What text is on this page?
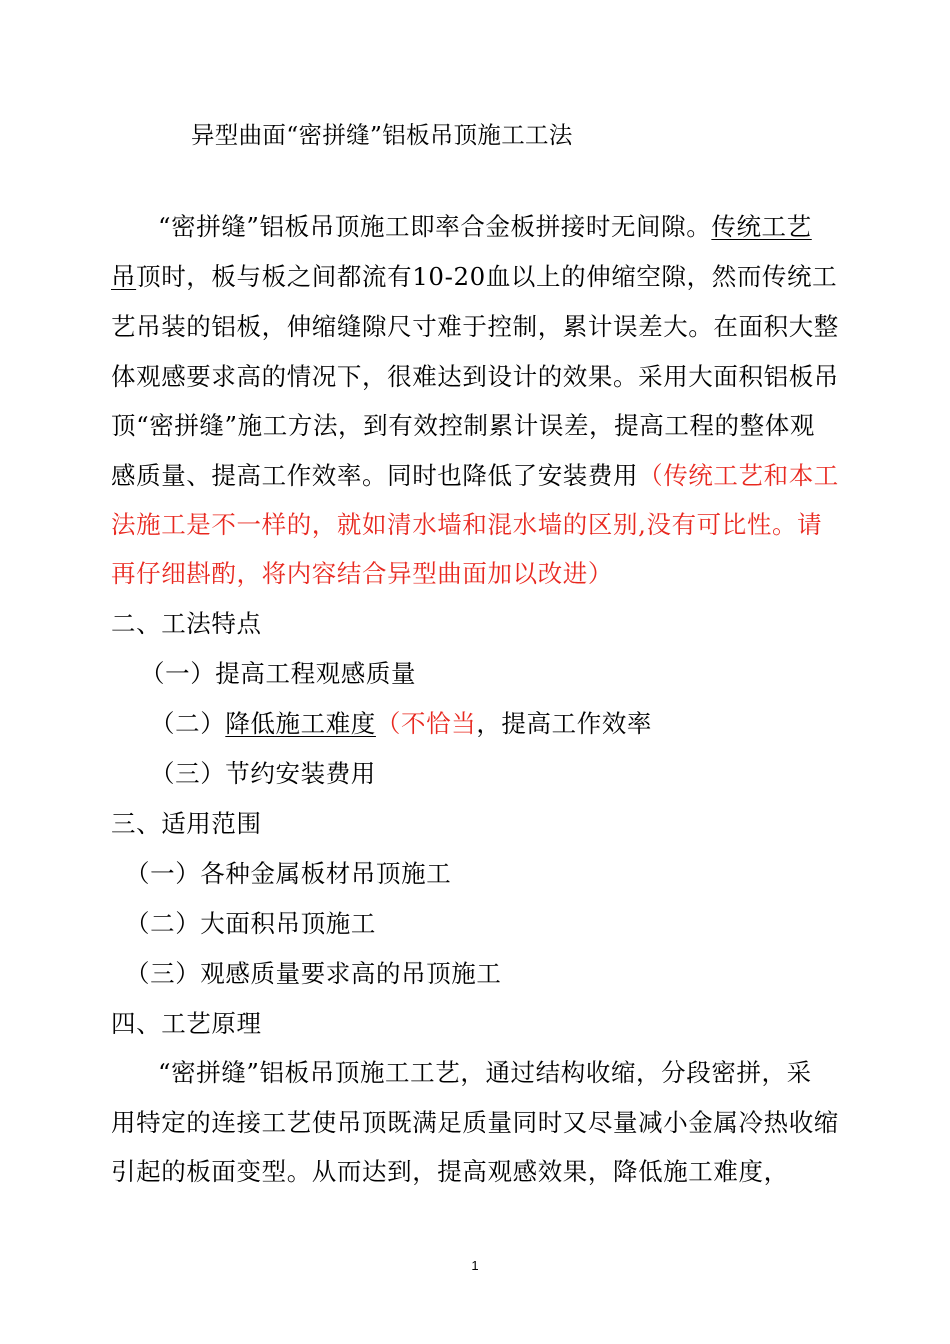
异型曲面“密拼缝”铝板吊顶施工工法
“密拼缝”铝板吊顶施工即率合金板拼接时无间隙。传统工艺
吊顶时，板与板之间都流有10-20血以上的伸缩空隙，然而传统工
艺吊装的铝板，伸缩缝隙尺寸难于控制，累计误差大。在面积大整
体观感要求高的情况下，很难达到设计的效果。采用大面积铝板吊
顶“密拼缝”施工方法，到有效控制累计误差，提高工程的整体观
感质量、提高工作效率。同时也降低了安装费用（传统工艺和本工
法施工是不一样的，就如清水墙和混水墙的区别,没有可比性。请
再仔细斟酌，将内容结合异型曲面加以改进）
二、工法特点
（一）提高工程观感质量
（二）降低施工难度（不恰当，提高工作效率
（三）节约安装费用
三、适用范围
（一）各种金属板材吊顶施工
（二）大面积吊顶施工
（三）观感质量要求高的吊顶施工
四、工艺原理
“密拼缝”铝板吊顶施工工艺，通过结构收缩，分段密拼，采
用特定的连接工艺使吊顶既满足质量同时又尽量减小金属冷热收缩
引起的板面变型。从而达到，提高观感效果，降低施工难度，
1
